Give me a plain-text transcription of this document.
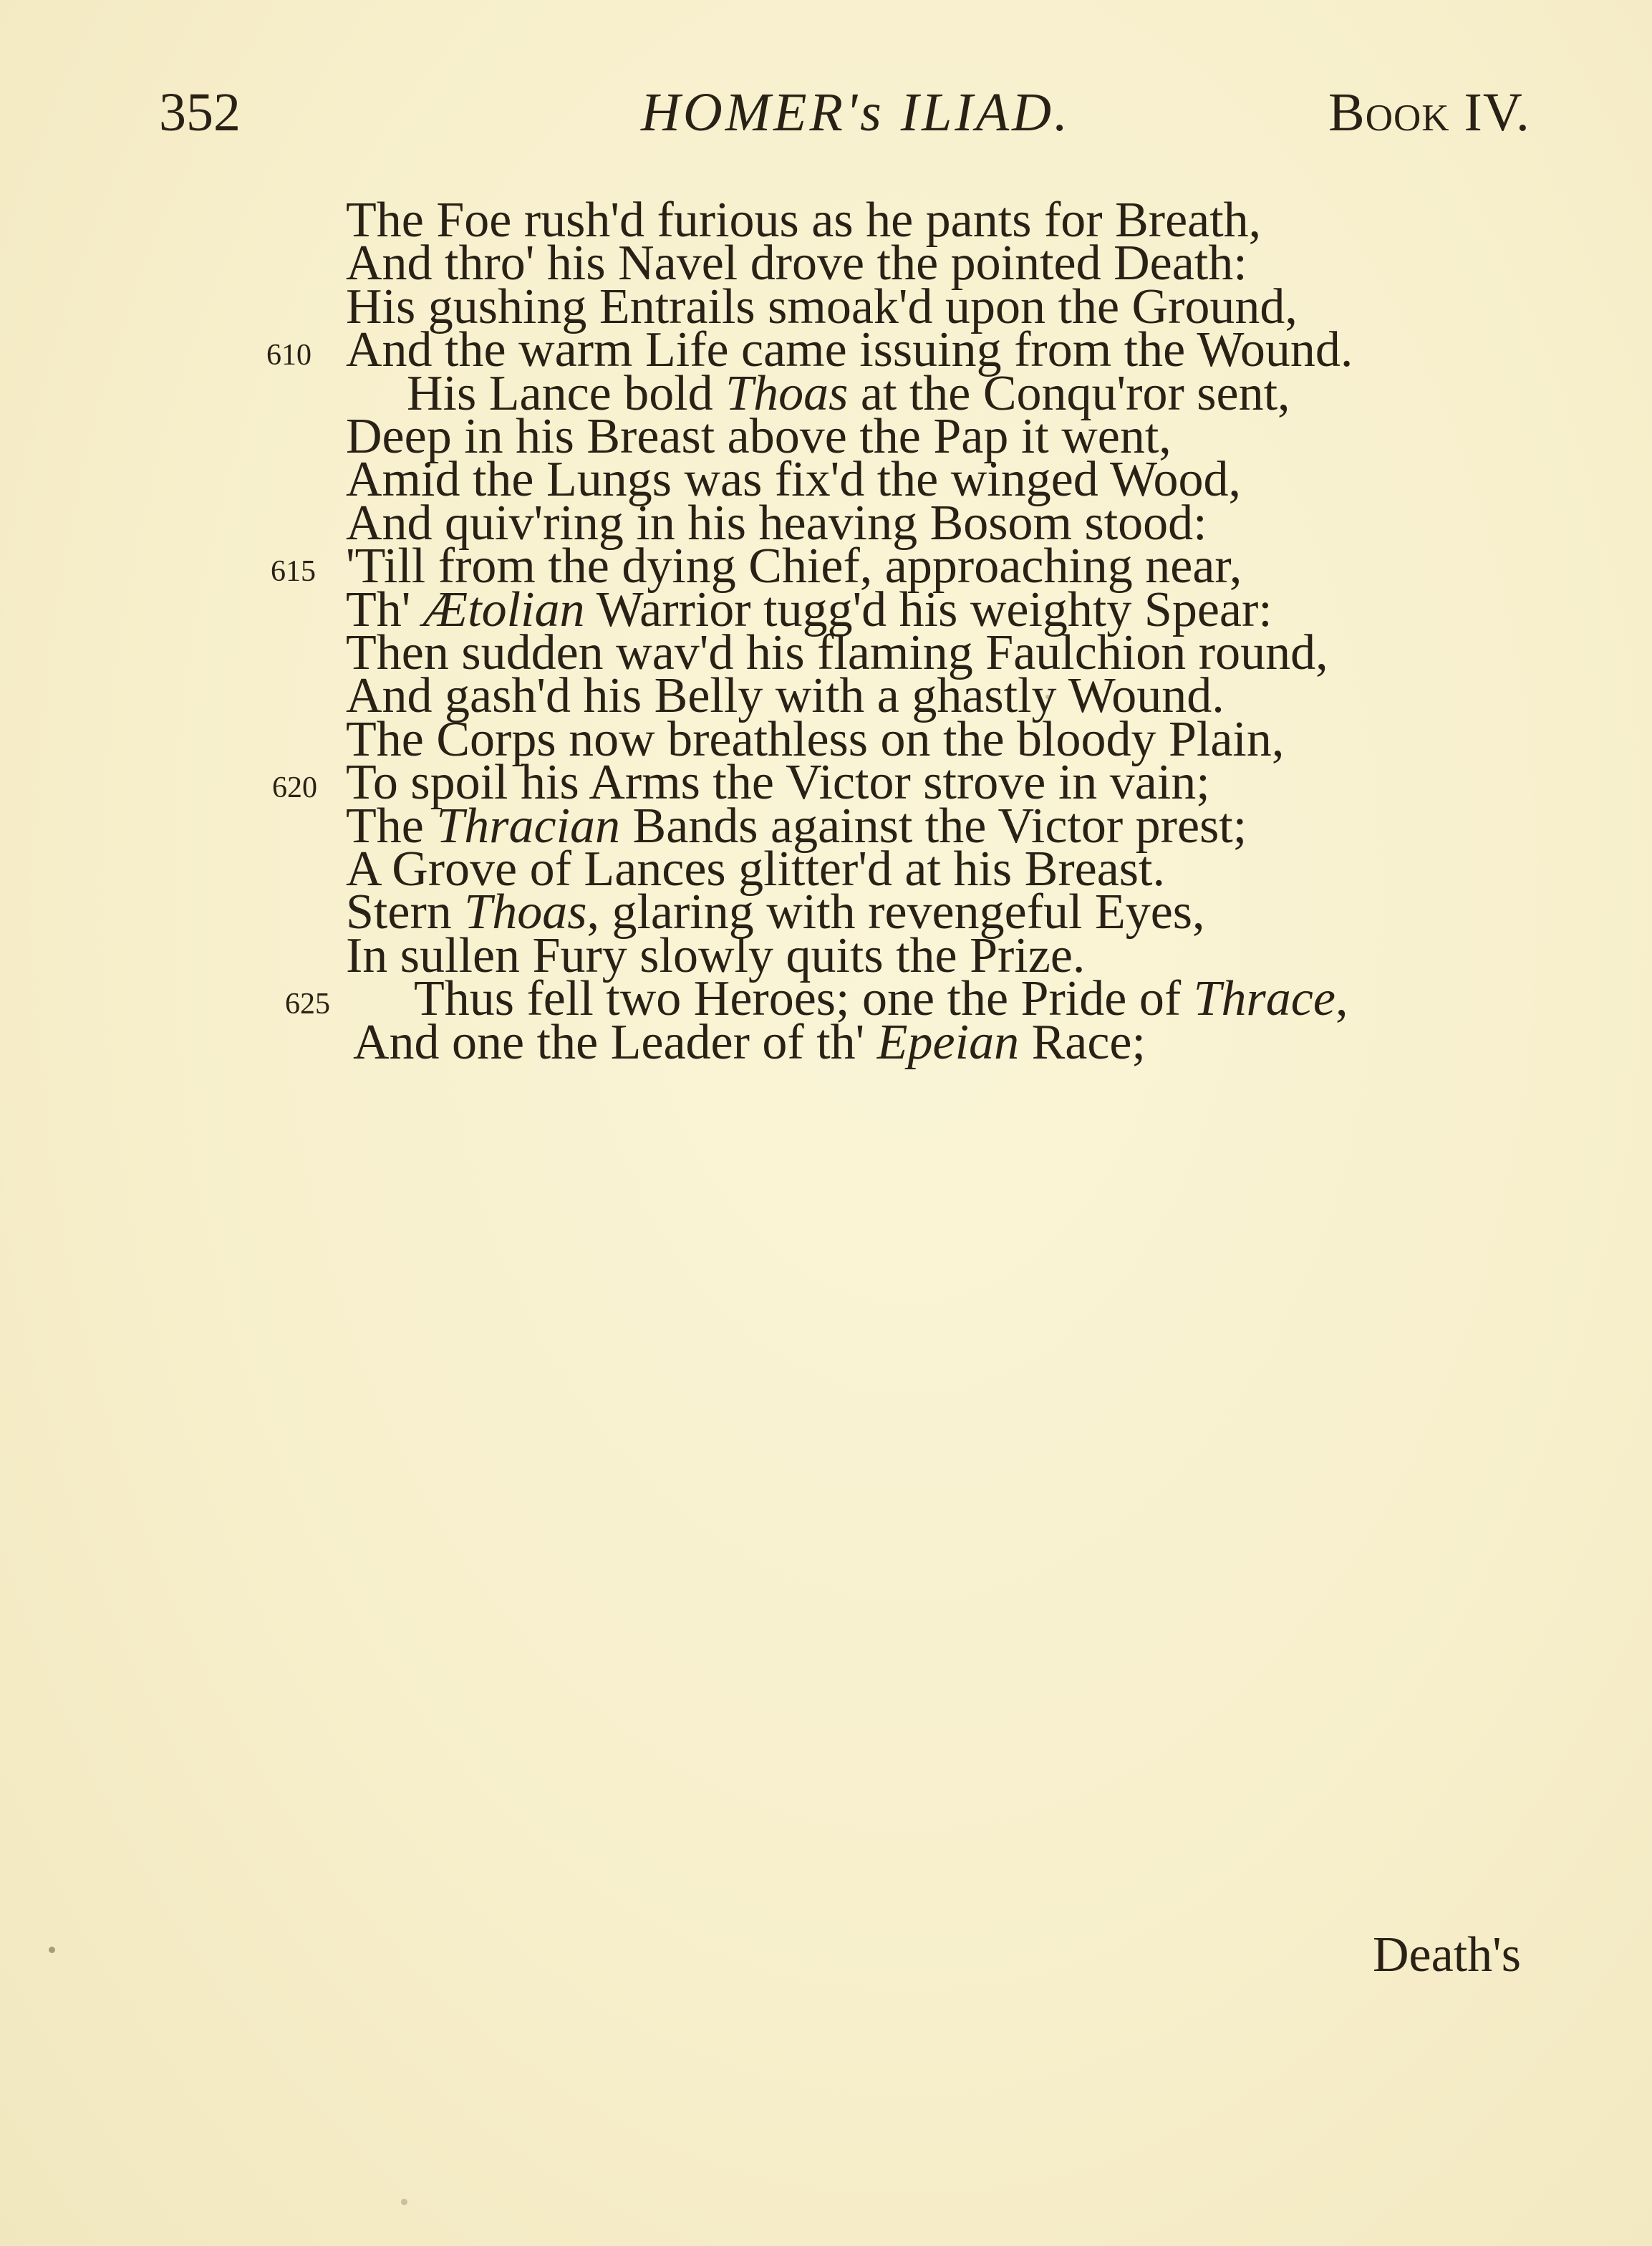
352	HOMER's ILIAD.	Book IV.
The Foe rush'd furious as he pants for Breath,
And thro' his Navel drove the pointed Death:
His gushing Entrails smoak'd upon the Ground,
And the warm Life came issuing from the Wound.
His Lance bold Thoas at the Conqu'ror sent,
Deep in his Breast above the Pap it went,
Amid the Lungs was fix'd the winged Wood,
And quiv'ring in his heaving Bosom stood:
'Till from the dying Chief, approaching near,
Th' Ætolian Warrior tugg'd his weighty Spear:
Then sudden wav'd his flaming Faulchion round,
And gash'd his Belly with a ghastly Wound.
The Corps now breathless on the bloody Plain,
To spoil his Arms the Victor strove in vain;
The Thracian Bands against the Victor prest;
A Grove of Lances glitter'd at his Breast.
Stern Thoas, glaring with revengeful Eyes,
In sullen Fury slowly quits the Prize.
Thus fell two Heroes; one the Pride of Thrace,
And one the Leader of th' Epeian Race;
610
615
620
625
Death's
